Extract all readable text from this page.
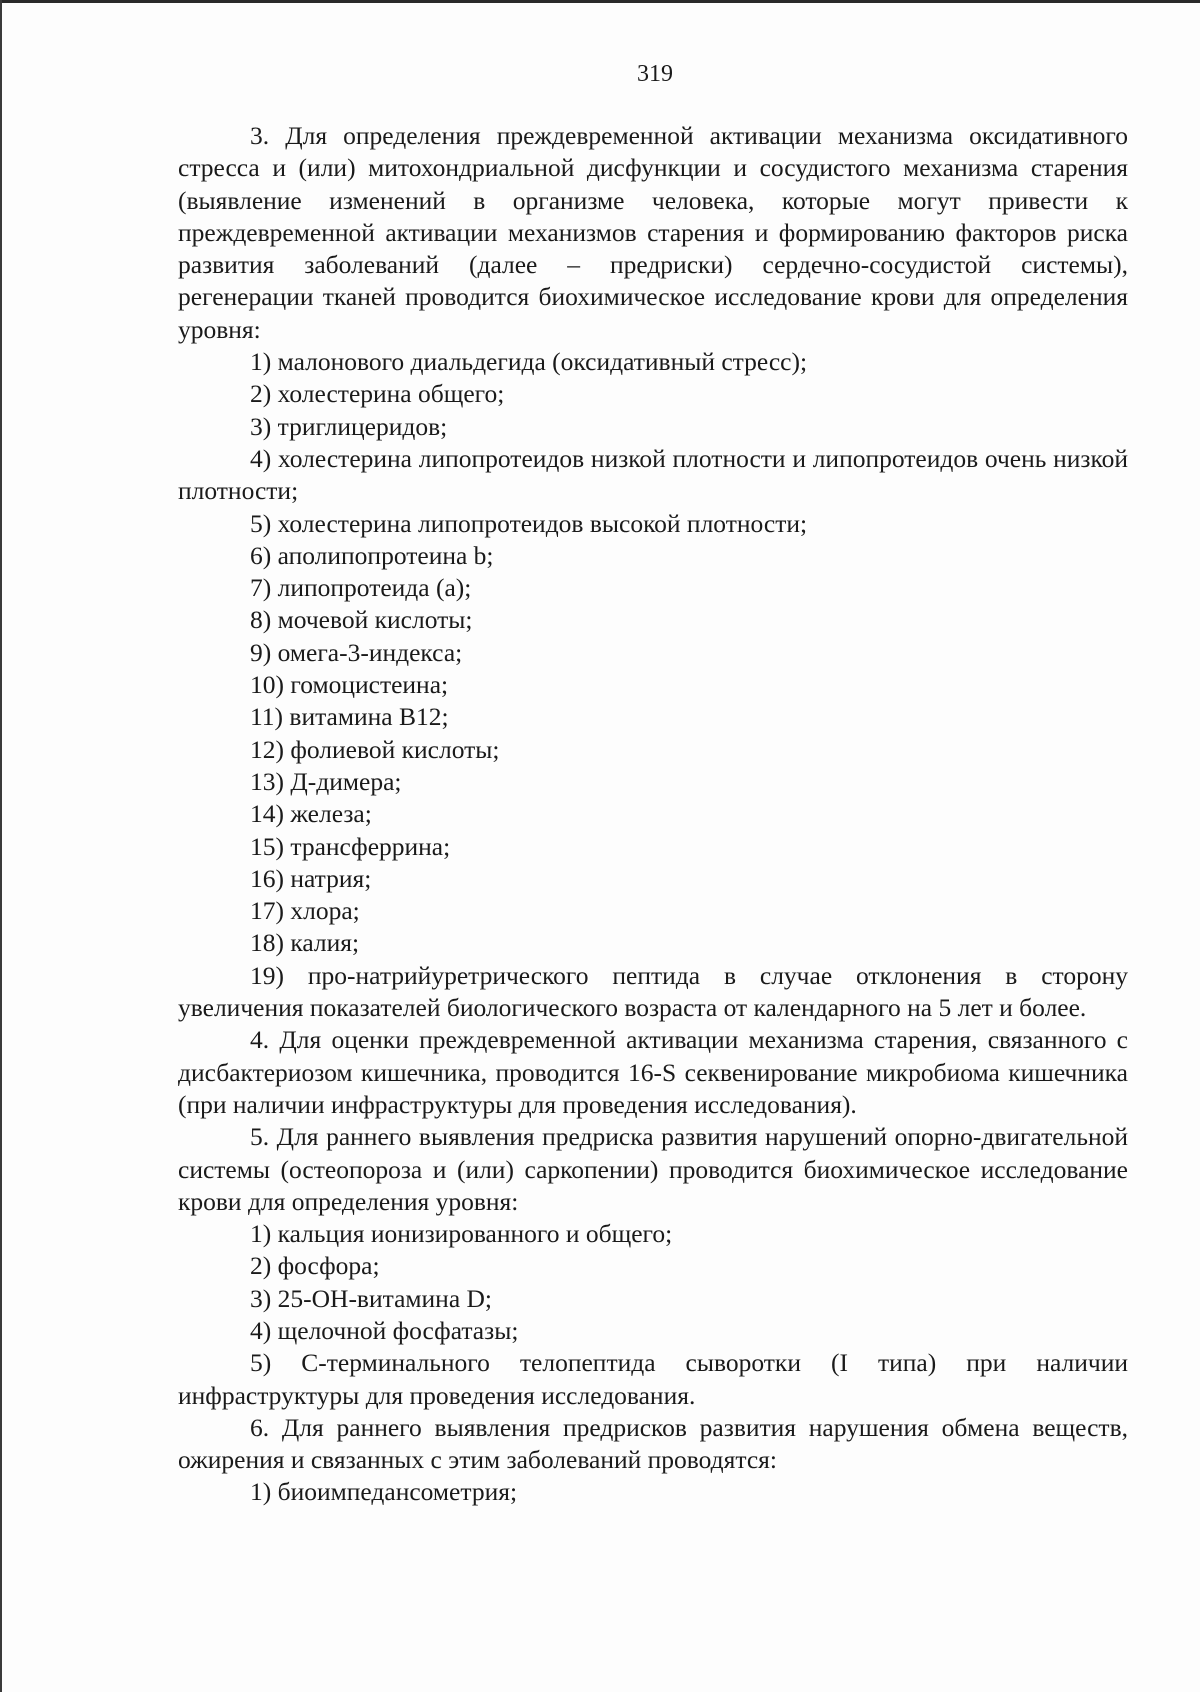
319

3. Для определения преждевременной активации механизма оксидативного стресса и (или) митохондриальной дисфункции и сосудистого механизма старения (выявление изменений в организме человека, которые могут привести к преждевременной активации механизмов старения и формированию факторов риска развития заболеваний (далее – предриски) сердечно-сосудистой системы), регенерации тканей проводится биохимическое исследование крови для определения уровня:

1) малонового диальдегида (оксидативный стресс);

2) холестерина общего;

3) триглицеридов;

4) холестерина липопротеидов низкой плотности и липопротеидов очень низкой плотности;

5) холестерина липопротеидов высокой плотности;

6) аполипопротеина b;

7) липопротеида (а);

8) мочевой кислоты;

9) омега-3-индекса;

10) гомоцистеина;

11) витамина B12;

12) фолиевой кислоты;

13) Д-димера;

14) железа;

15) трансферрина;

16) натрия;

17) хлора;

18) калия;

19) про-натрийуретрического пептида в случае отклонения в сторону увеличения показателей биологического возраста от календарного на 5 лет и более.

4. Для оценки преждевременной активации механизма старения, связанного с дисбактериозом кишечника, проводится 16-S секвенирование микробиома кишечника (при наличии инфраструктуры для проведения исследования).

5. Для раннего выявления предриска развития нарушений опорно-двигательной системы (остеопороза и (или) саркопении) проводится биохимическое исследование крови для определения уровня:

1) кальция ионизированного и общего;

2) фосфора;

3) 25-ОН-витамина D;

4) щелочной фосфатазы;

5) С-терминального телопептида сыворотки (I типа) при наличии инфраструктуры для проведения исследования.

6. Для раннего выявления предрисков развития нарушения обмена веществ, ожирения и связанных с этим заболеваний проводятся:

1) биоимпедансометрия;
